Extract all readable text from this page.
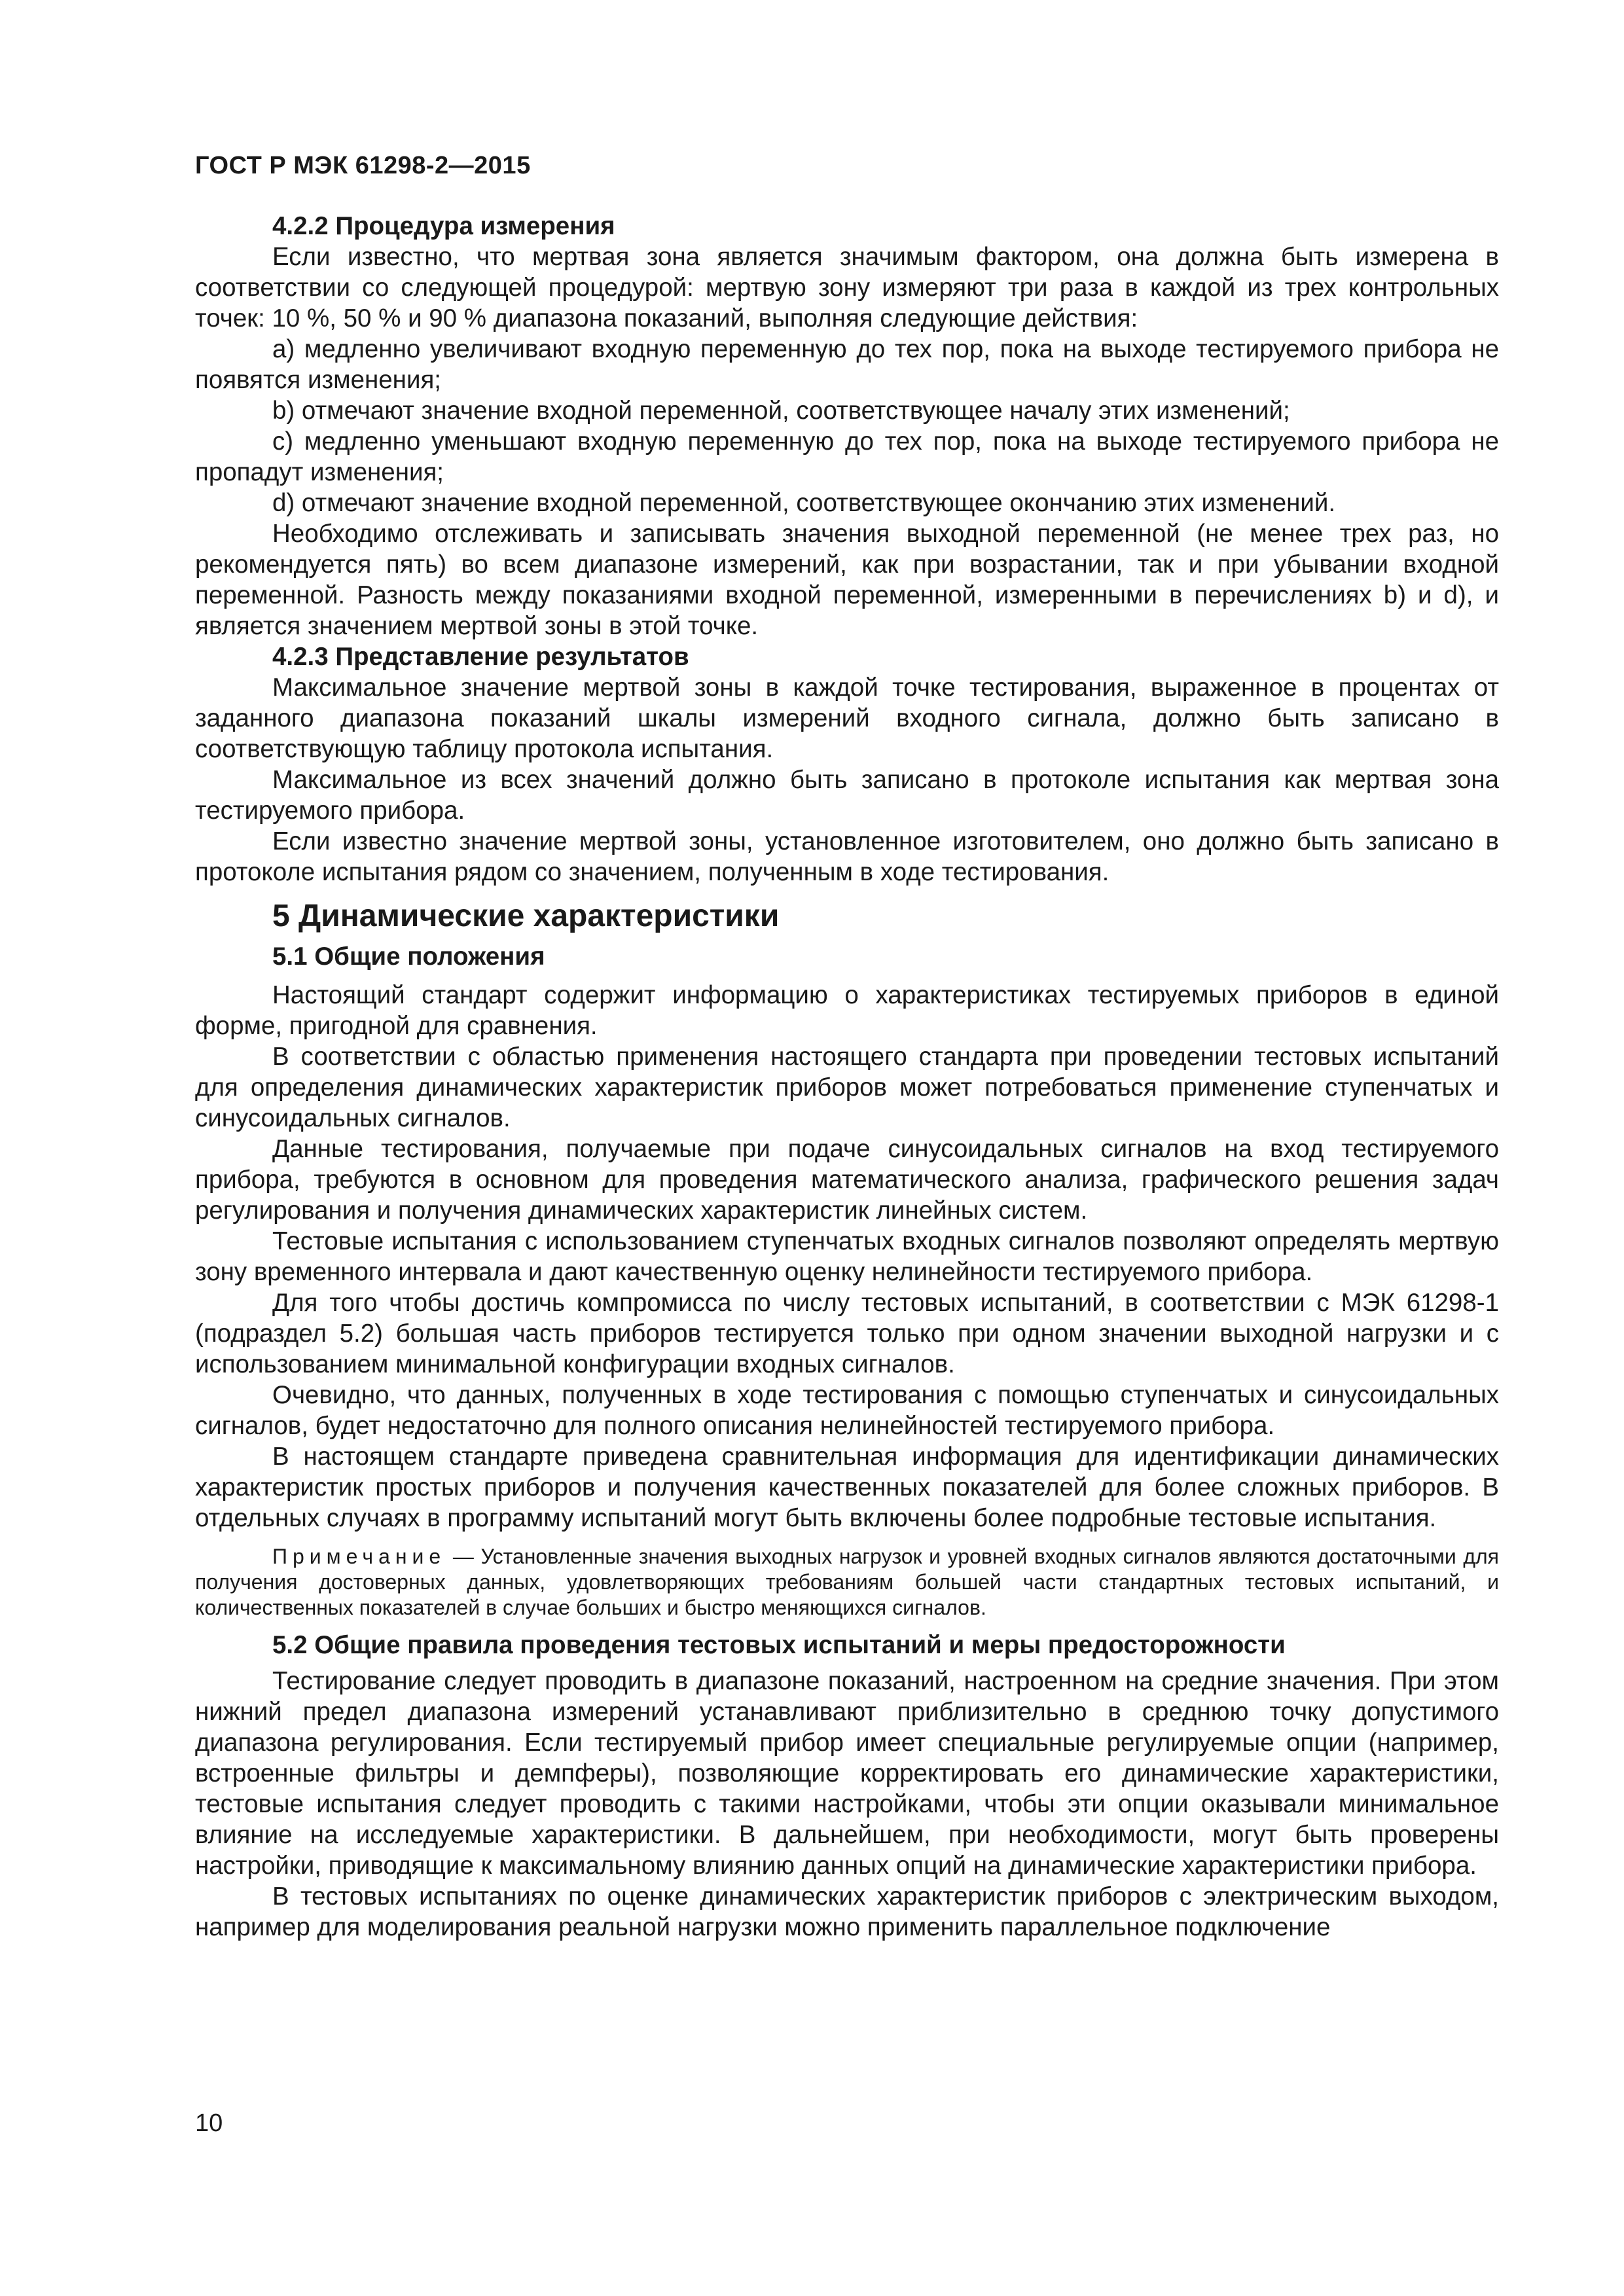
ГОСТ Р МЭК 61298-2—2015
4.2.2 Процедура измерения

Если известно, что мертвая зона является значимым фактором, она должна быть измерена в соответствии со следующей процедурой: мертвую зону измеряют три раза в каждой из трех контрольных точек: 10 %, 50 % и 90 % диапазона показаний, выполняя следующие действия:

a) медленно увеличивают входную переменную до тех пор, пока на выходе тестируемого прибора не появятся изменения;

b) отмечают значение входной переменной, соответствующее началу этих изменений;

c) медленно уменьшают входную переменную до тех пор, пока на выходе тестируемого прибора не пропадут изменения;

d) отмечают значение входной переменной, соответствующее окончанию этих изменений.

Необходимо отслеживать и записывать значения выходной переменной (не менее трех раз, но рекомендуется пять) во всем диапазоне измерений, как при возрастании, так и при убывании входной переменной. Разность между показаниями входной переменной, измеренными в перечислениях b) и d), и является значением мертвой зоны в этой точке.

4.2.3 Представление результатов

Максимальное значение мертвой зоны в каждой точке тестирования, выраженное в процентах от заданного диапазона показаний шкалы измерений входного сигнала, должно быть записано в соответствующую таблицу протокола испытания.

Максимальное из всех значений должно быть записано в протоколе испытания как мертвая зона тестируемого прибора.

Если известно значение мертвой зоны, установленное изготовителем, оно должно быть записано в протоколе испытания рядом со значением, полученным в ходе тестирования.

5 Динамические характеристики
5.1 Общие положения

Настоящий стандарт содержит информацию о характеристиках тестируемых приборов в единой форме, пригодной для сравнения.

В соответствии с областью применения настоящего стандарта при проведении тестовых испытаний для определения динамических характеристик приборов может потребоваться применение ступенчатых и синусоидальных сигналов.

Данные тестирования, получаемые при подаче синусоидальных сигналов на вход тестируемого прибора, требуются в основном для проведения математического анализа, графического решения задач регулирования и получения динамических характеристик линейных систем.

Тестовые испытания с использованием ступенчатых входных сигналов позволяют определять мертвую зону временного интервала и дают качественную оценку нелинейности тестируемого прибора.

Для того чтобы достичь компромисса по числу тестовых испытаний, в соответствии с МЭК 61298-1 (подраздел 5.2) большая часть приборов тестируется только при одном значении выходной нагрузки и с использованием минимальной конфигурации входных сигналов.

Очевидно, что данных, полученных в ходе тестирования с помощью ступенчатых и синусоидальных сигналов, будет недостаточно для полного описания нелинейностей тестируемого прибора.

В настоящем стандарте приведена сравнительная информация для идентификации динамических характеристик простых приборов и получения качественных показателей для более сложных приборов. В отдельных случаях в программу испытаний могут быть включены более подробные тестовые испытания.

Примечание — Установленные значения выходных нагрузок и уровней входных сигналов являются достаточными для получения достоверных данных, удовлетворяющих требованиям большей части стандартных тестовых испытаний, и количественных показателей в случае больших и быстро меняющихся сигналов.
5.2 Общие правила проведения тестовых испытаний и меры предосторожности

Тестирование следует проводить в диапазоне показаний, настроенном на средние значения. При этом нижний предел диапазона измерений устанавливают приблизительно в среднюю точку допустимого диапазона регулирования. Если тестируемый прибор имеет специальные регулируемые опции (например, встроенные фильтры и демпферы), позволяющие корректировать его динамические характеристики, тестовые испытания следует проводить с такими настройками, чтобы эти опции оказывали минимальное влияние на исследуемые характеристики. В дальнейшем, при необходимости, могут быть проверены настройки, приводящие к максимальному влиянию данных опций на динамические характеристики прибора.

В тестовых испытаниях по оценке динамических характеристик приборов с электрическим выходом, например для моделирования реальной нагрузки можно применить параллельное подключение

10
